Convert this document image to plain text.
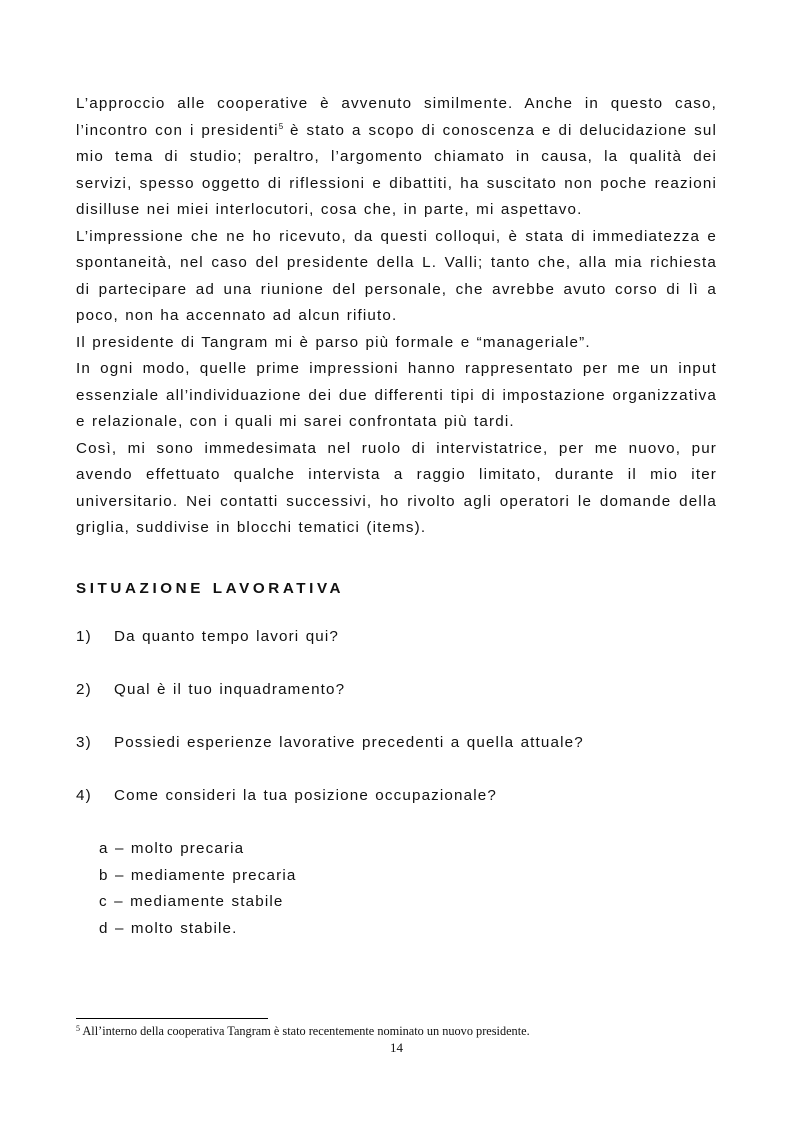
L’approccio alle cooperative è avvenuto similmente. Anche in questo caso, l’incontro con i presidenti$^5$ è stato a scopo di conoscenza e di delucidazione sul mio tema di studio; peraltro, l’argomento chiamato in causa, la qualità dei servizi, spesso oggetto di riflessioni e dibattiti, ha suscitato non poche reazioni disilluse nei miei interlocutori, cosa che, in parte, mi aspettavo.

L’impressione che ne ho ricevuto, da questi colloqui, è stata di immediatezza e spontaneità, nel caso del presidente della L. Valli; tanto che, alla mia richiesta di partecipare ad una riunione del personale, che avrebbe avuto corso di lì a poco, non ha accennato ad alcun rifiuto.

Il presidente di Tangram mi è parso più formale e “manageriale”.

In ogni modo, quelle prime impressioni hanno rappresentato per me un input essenziale all’individuazione dei due differenti tipi di impostazione organizzativa e relazionale, con i quali mi sarei confrontata più tardi.

Così, mi sono immedesimata nel ruolo di intervistatrice, per me nuovo, pur avendo effettuato qualche intervista a raggio limitato, durante il mio iter universitario. Nei contatti successivi, ho rivolto agli operatori le domande della griglia, suddivise in blocchi tematici (items).

SITUAZIONE LAVORATIVA

1)	Da quanto tempo lavori qui?
2)	Qual è il tuo inquadramento?
3)	Possiedi esperienze lavorative precedenti a quella attuale?
4)	Come consideri la tua posizione occupazionale?
a – molto precaria
b – mediamente precaria
c – mediamente stabile
d – molto stabile.
$^5$ All’interno della cooperativa Tangram è stato recentemente nominato un nuovo presidente.
14
